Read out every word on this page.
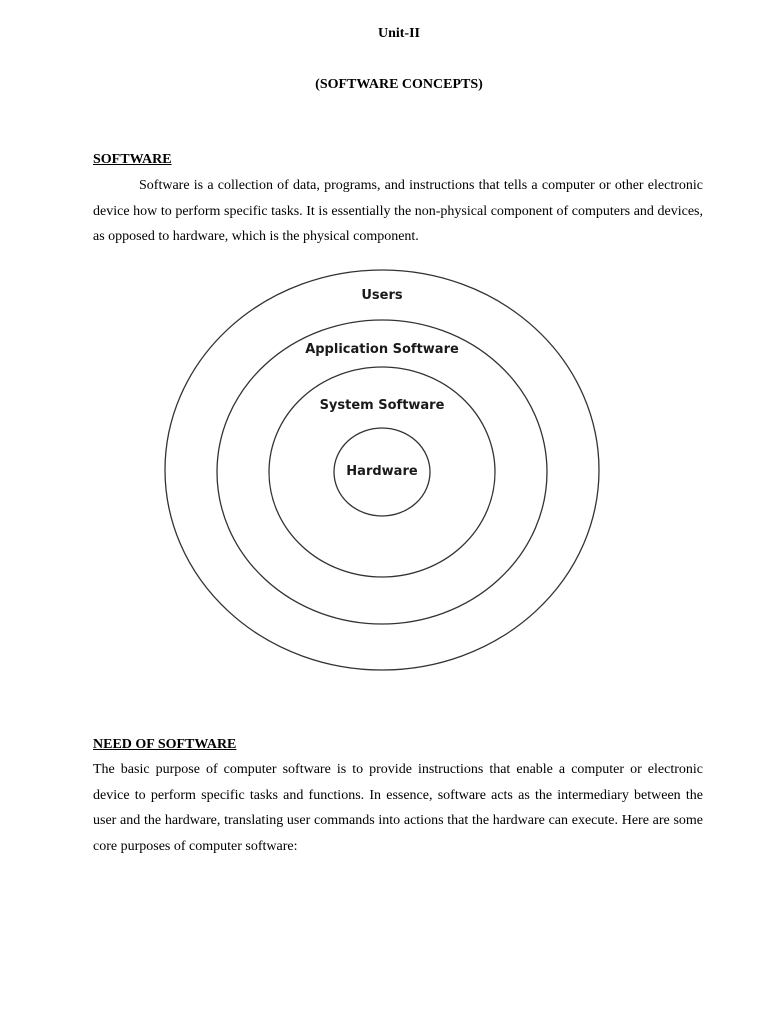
Unit-II
(SOFTWARE CONCEPTS)
SOFTWARE
Software is a collection of data, programs, and instructions that tells a computer or other electronic device how to perform specific tasks. It is essentially the non-physical component of computers and devices, as opposed to hardware, which is the physical component.
Users
Application Software
System Software
Hardware
NEED OF SOFTWARE
The basic purpose of computer software is to provide instructions that enable a computer or electronic device to perform specific tasks and functions. In essence, software acts as the intermediary between the user and the hardware, translating user commands into actions that the hardware can execute. Here are some core purposes of computer software:
